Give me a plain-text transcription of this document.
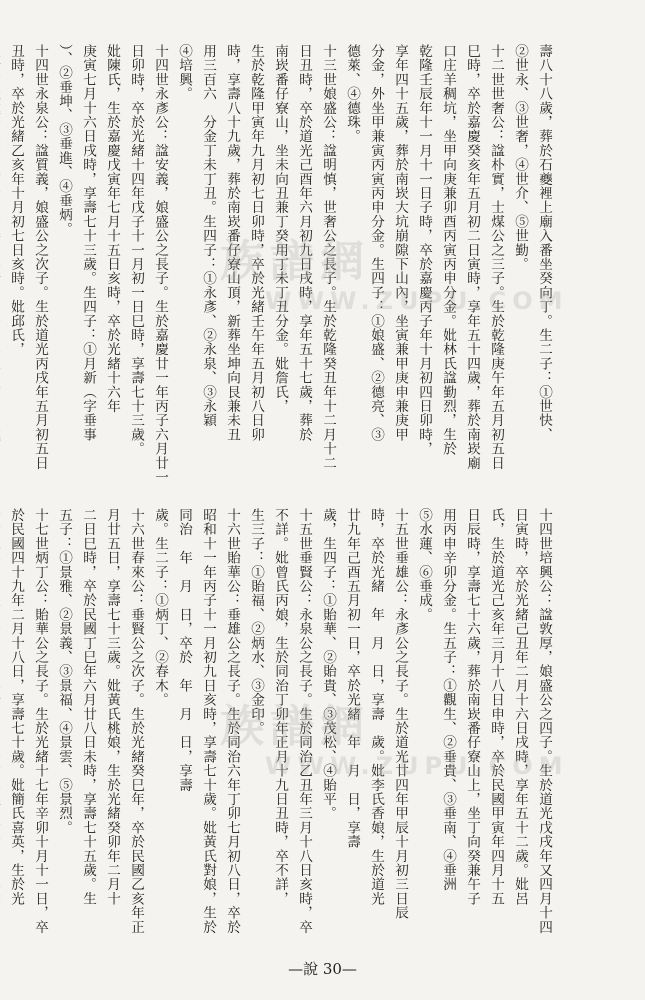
壽八十八歲，葬於石夔裡上廟入番坐癸向丁。生二子：①世快、
②世永、③世奢，④世介、⑤世勤。
十二世世奢公：諡朴實，士煤公之三子。生於乾隆庚午年五月初五日
巳時，卒於嘉慶癸亥年五月初二日寅時，享年五十四歲，葬於南崁廟
口庄羊稠坑，坐甲向庚兼卯酉丙寅丙申分金。妣林氏諡勤烈，生於
乾隆壬辰年十一月十一日子時，卒於嘉慶丙子年十月初四日卯時，
享年四十五歲，葬於南崁大坑崩隙下山內，坐寅兼甲庚申兼庚甲
分金，外坐甲兼寅丙寅丙申分金。生四子：①娘盛、②德亮、③
德萊、④德珠。
十三世娘盛公：諡明慎，世奢公之長子。生於乾隆癸丑年十二月十二
日丑時，卒於道光己酉年六月初九日戌時，享年五十七歲，葬於
南崁番仔寮山，坐未向丑兼丁癸用丁未丁丑分金。妣詹氏，
生於乾隆甲寅年九月初七日卯時，卒於光緒壬午年五月初八日卯
時，享壽八十九歲，葬於南崁番仔寮山頂，新葬坐坤向艮兼未丑
用三百六　分金丁未丁丑。生四子：①永彥、②永泉、③永穎
④培興。
十四世永彥公：諡安義，娘盛公之長子。生於嘉慶廿一年丙子六月廿一
日卯時，卒於光緒十四年戊子十一月初一日巳時，享壽七十三歲。
妣陳氏，生於嘉慶戊寅年七月十五日亥時，卒於光緒十六年
庚寅七月十六日戌時，享壽七十三歲。生四子：①月新（字垂事
）、②垂坤、③垂進、④垂炳。
十四世永泉公：諡質義，娘盛公之次子。生於道光丙戌年五月初五日
丑時，卒於光緒乙亥年十月初七日亥時。妣邱氏，
十四世培興公：諡敦厚，娘盛公之四子。生於道光戊戌年又四月十四
日寅時，卒於光緒己丑年二月十六日戌時，享年五十二歲。妣呂
氏，生於道光己亥年三月十八日申時，卒於民國甲寅年四月十五
日辰時，享壽七十六歲，葬於南崁番仔寮山上，坐丁向癸兼午子
用丙申辛卯分金。生五子：①觀生、②垂貴、③垂南、④垂洲
⑤水蓮、⑥垂成。
十五世垂雄公：永彥公之長子。生於道光廿四年甲辰十月初三日辰
時，卒於光緒　年　月　日，享壽　歲。妣李氏香娘，生於道光
廿九年己酉五月初一日，卒於光緒　年　月　日，享壽
歲，生四子：①貽華、②貽貴、③茂松、④貽平。
十五世垂賢公：永泉公之長子。生於同治乙丑年三月十八日亥時，卒
不詳。妣曾氏丙娘，生於同治丁卯年正月十九日丑時，卒不詳，
生三子：①貽福、②炳水、③金印。
十六世貽華公：垂雄公之長子。生於同治六年丁卯七月初八日，卒於
昭和十一年丙子十一月初九日亥時，享壽七十歲。妣黃氏對娘，生於
同治　年　月　日，卒於　年　月　日，享壽
歲。生二子：①炳丁、②春木。
十六世春來公：垂賢公之次子。生於光緒癸巳年，卒於民國乙亥年正
月廿五日，享壽七十三歲。妣黃氏桃娘，生於光緒癸卯年二月十
二日巳時，卒於民國丁巳年六月廿八日未時，享壽七十五歲。生
五子：①景雅、②景義、③景福、④景雲、⑤景烈。
十七世炳丁公：貽華公之長子。生於光緒十七年辛卯十月十一日，卒
於民國四十九年二月十八日，享壽七十歲。妣簡氏喜英，生於光
族譜網
WWW.ZUPU.COM
族譜網
WWW.ZUPU.COM
—說 30—
